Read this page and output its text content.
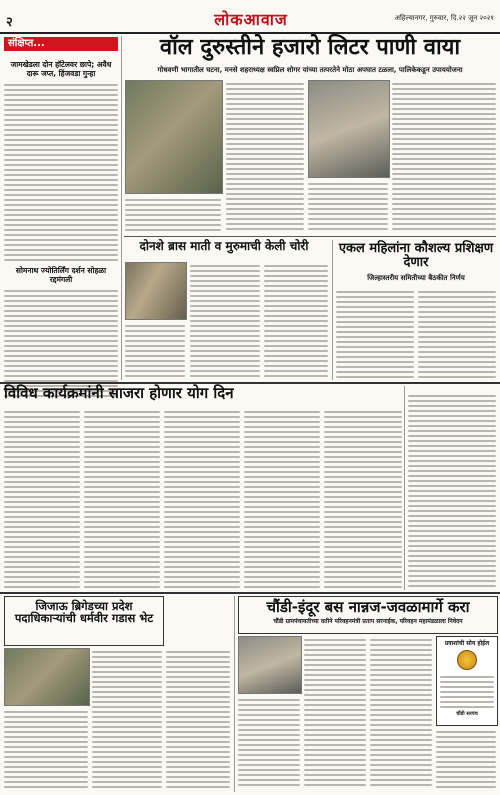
२	लोकआवाज	अहिल्यानगर, गुरुवार, दि.२२ जून २०२१
संक्षिप्त...
जामखेडला दोन हॉटेलवर छापे; अवैध दारू जप्त, हिंजवडा गुन्हा
सोमनाथ ज्योतिर्लिंग दर्शन सोहळा रद्दमंगली
वॉल दुरुस्तीने हजारो लिटर पाणी वाया
गोधवणी भागातील घटना, मनसे शहराध्यक्ष स्वप्निल शोगर यांच्या तत्परतेने मोठा अपघात टळला, पालिकेकडून उपाययोजना
दोनशे ब्रास माती व मुरुमाची केली चोरी	एकल महिलांना कौशल्य प्रशिक्षण देणार
जिल्हास्तरीय समितीच्या बैठकीत निर्णय
विविध कार्यक्रमांनी साजरा होणार योग दिन
जिजाऊ ब्रिगेडच्या प्रदेश पदाधिकाऱ्यांची धर्मवीर गडास भेट
चौंडी-इंदूर बस नान्नज-जवळामार्गे करा
चौंडी ग्रामपंचायतीच्या वतीने परिवहनमंत्री प्रताप सरनाईक, परिवहन महामंडळाला निवेदन
प्रवाशांची सोय होईल
चौंडी सरपंच
